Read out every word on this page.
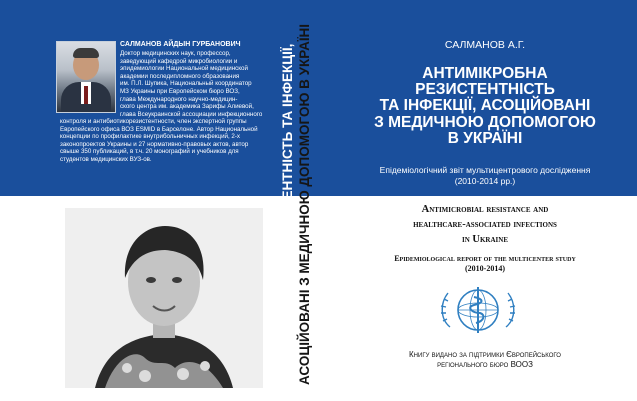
САЛМАНОВ АЙДЫН ГУРБАНОВИЧ
Доктор медицинских наук, профессор,
заведующий кафедрой микробиологии и
эпидемиологии Национальной медицинской
академии последипломного образования
им. П.Л. Шупика, Национальный координатор
МЗ Украины при Европейском бюро ВОЗ,
глава Международного научно-медицин-
ского центра им. академика Зарифы Алиевой,
глава Всеукраинской ассоциации инфекционного
контроля и антибиотикорезистентности, член экспертной группы
Европейского офиса ВОЗ ESMID в Барселоне. Автор Национальной
концепции по профилактике внутрибольничных инфекций, 2-х
законопроектов Украины и 27 нормативно-правовых актов, автор
свыше 350 публикаций, в т.ч. 20 монографий и учебников для
студентов медицинских ВУЗ-ов.	АНТИМІКРОБНА РЕЗИСТЕНТНІСТЬ ТА ІНФЕКЦІЇ, АСОЦІЙОВАНІ З МЕДИЧНОЮ ДОПОМОГОЮ В УКРАЇНІ	САЛМАНОВ А.Г.
АНТИМІКРОБНА
РЕЗИСТЕНТНІСТЬ
ТА ІНФЕКЦІЇ, АСОЦІЙОВАНІ
З МЕДИЧНОЮ ДОПОМОГОЮ
В УКРАЇНІ
Епідеміологічний звіт мультицентрового дослідження
(2010-2014 рр.)
Antimicrobial resistance and
healthcare-associated infections
in Ukraine
Epidemiological report of the multicenter study
(2010-2014)
Книгу видано за підтримки Європейського
регіонального бюро ВООЗ
